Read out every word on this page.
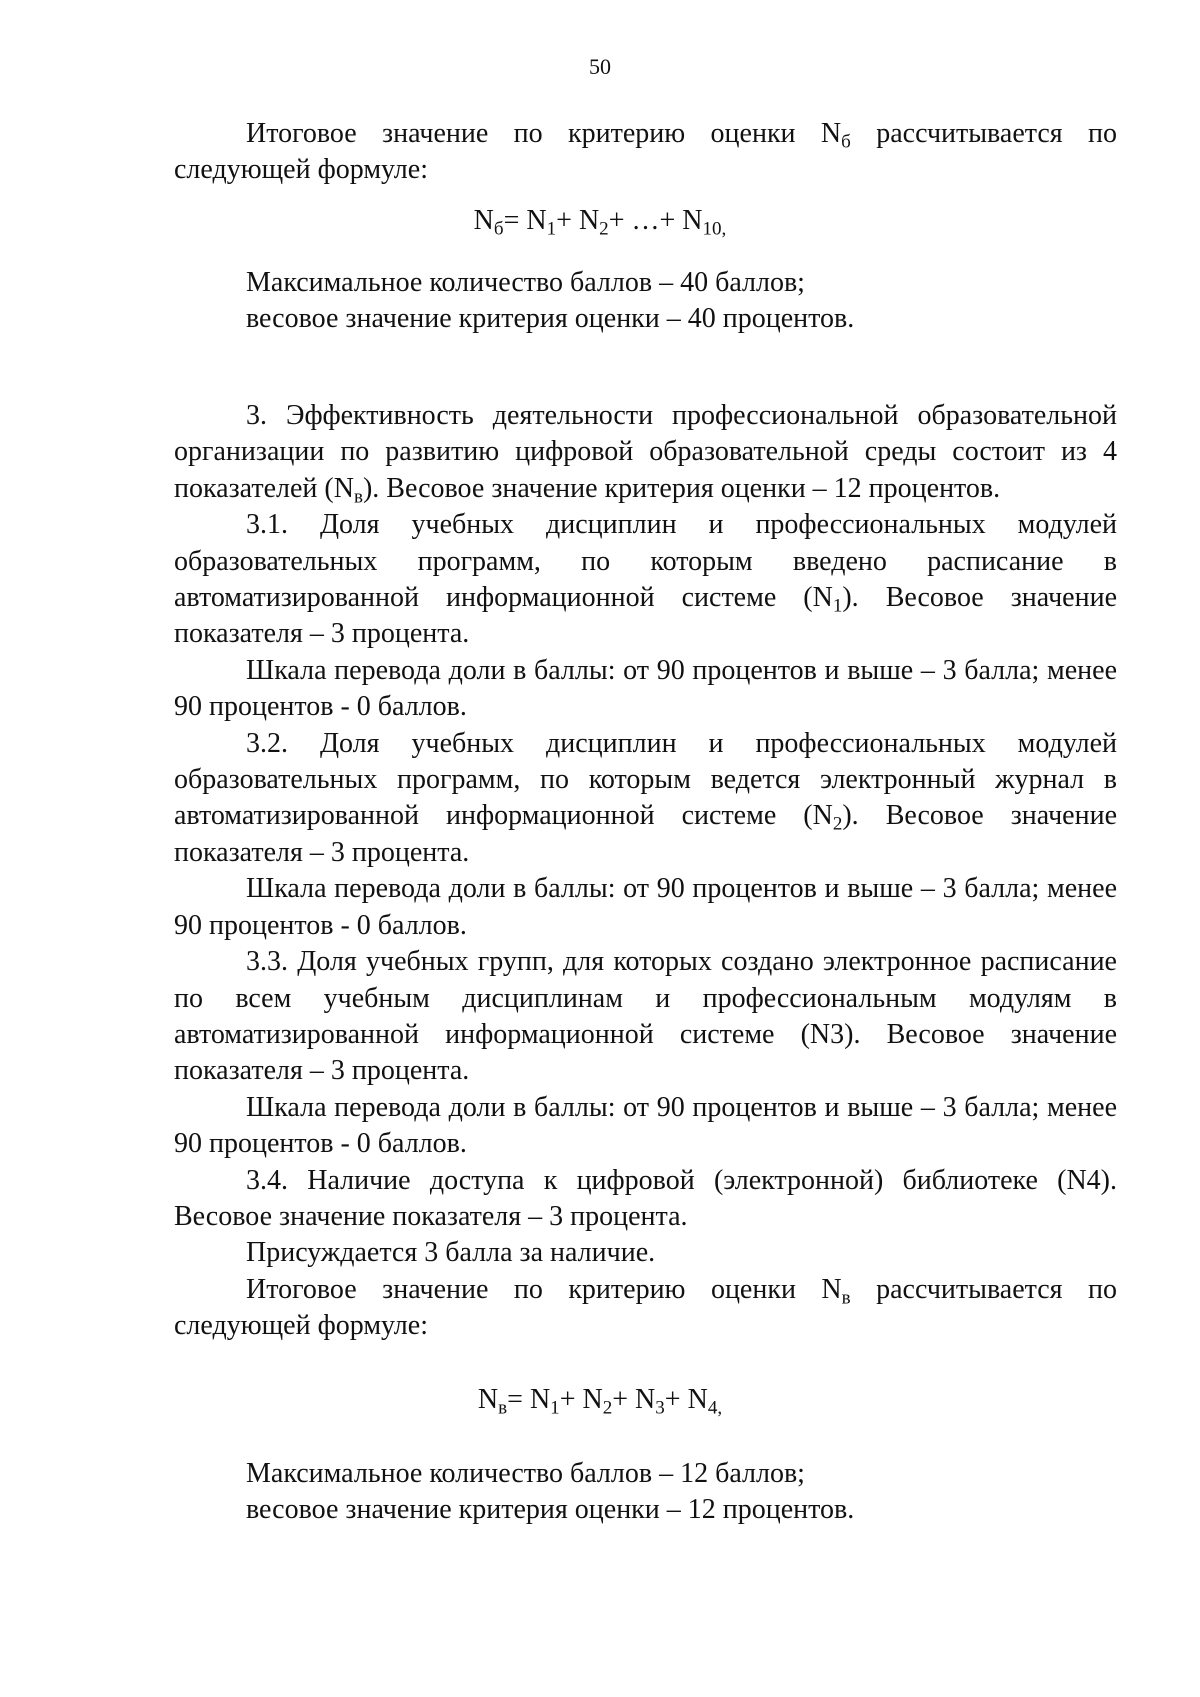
50

Итоговое значение по критерию оценки $N_б$ рассчитывается по следующей формуле:

$N_б= N_1+ N_2+$ …+ $N_{10,}$
Максимальное количество баллов – 40 баллов;
весовое значение критерия оценки – 40 процентов.

3. Эффективность деятельности профессиональной образовательной организации по развитию цифровой образовательной среды состоит из 4 показателей $(N_в)$. Весовое значение критерия оценки – 12 процентов.

3.1. Доля учебных дисциплин и профессиональных модулей образовательных программ, по которым введено расписание в автоматизированной информационной системе $(N_1)$. Весовое значение показателя – 3 процента.

Шкала перевода доли в баллы: от 90 процентов и выше – 3 балла; менее 90 процентов - 0 баллов.

3.2. Доля учебных дисциплин и профессиональных модулей образовательных программ, по которым ведется электронный журнал в автоматизированной информационной системе $(N_2)$. Весовое значение показателя – 3 процента.

Шкала перевода доли в баллы: от 90 процентов и выше – 3 балла; менее 90 процентов - 0 баллов.

3.3. Доля учебных групп, для которых создано электронное расписание по всем учебным дисциплинам и профессиональным модулям в автоматизированной информационной системе (N3). Весовое значение показателя – 3 процента.

Шкала перевода доли в баллы: от 90 процентов и выше – 3 балла; менее 90 процентов - 0 баллов.

3.4. Наличие доступа к цифровой (электронной) библиотеке (N4). Весовое значение показателя – 3 процента.

Присуждается 3 балла за наличие.

Итоговое значение по критерию оценки $N_в$ рассчитывается по следующей формуле:

$N_в= N_1+ N_2+ N_3+ N_{4,}$
Максимальное количество баллов – 12 баллов;
весовое значение критерия оценки – 12 процентов.
